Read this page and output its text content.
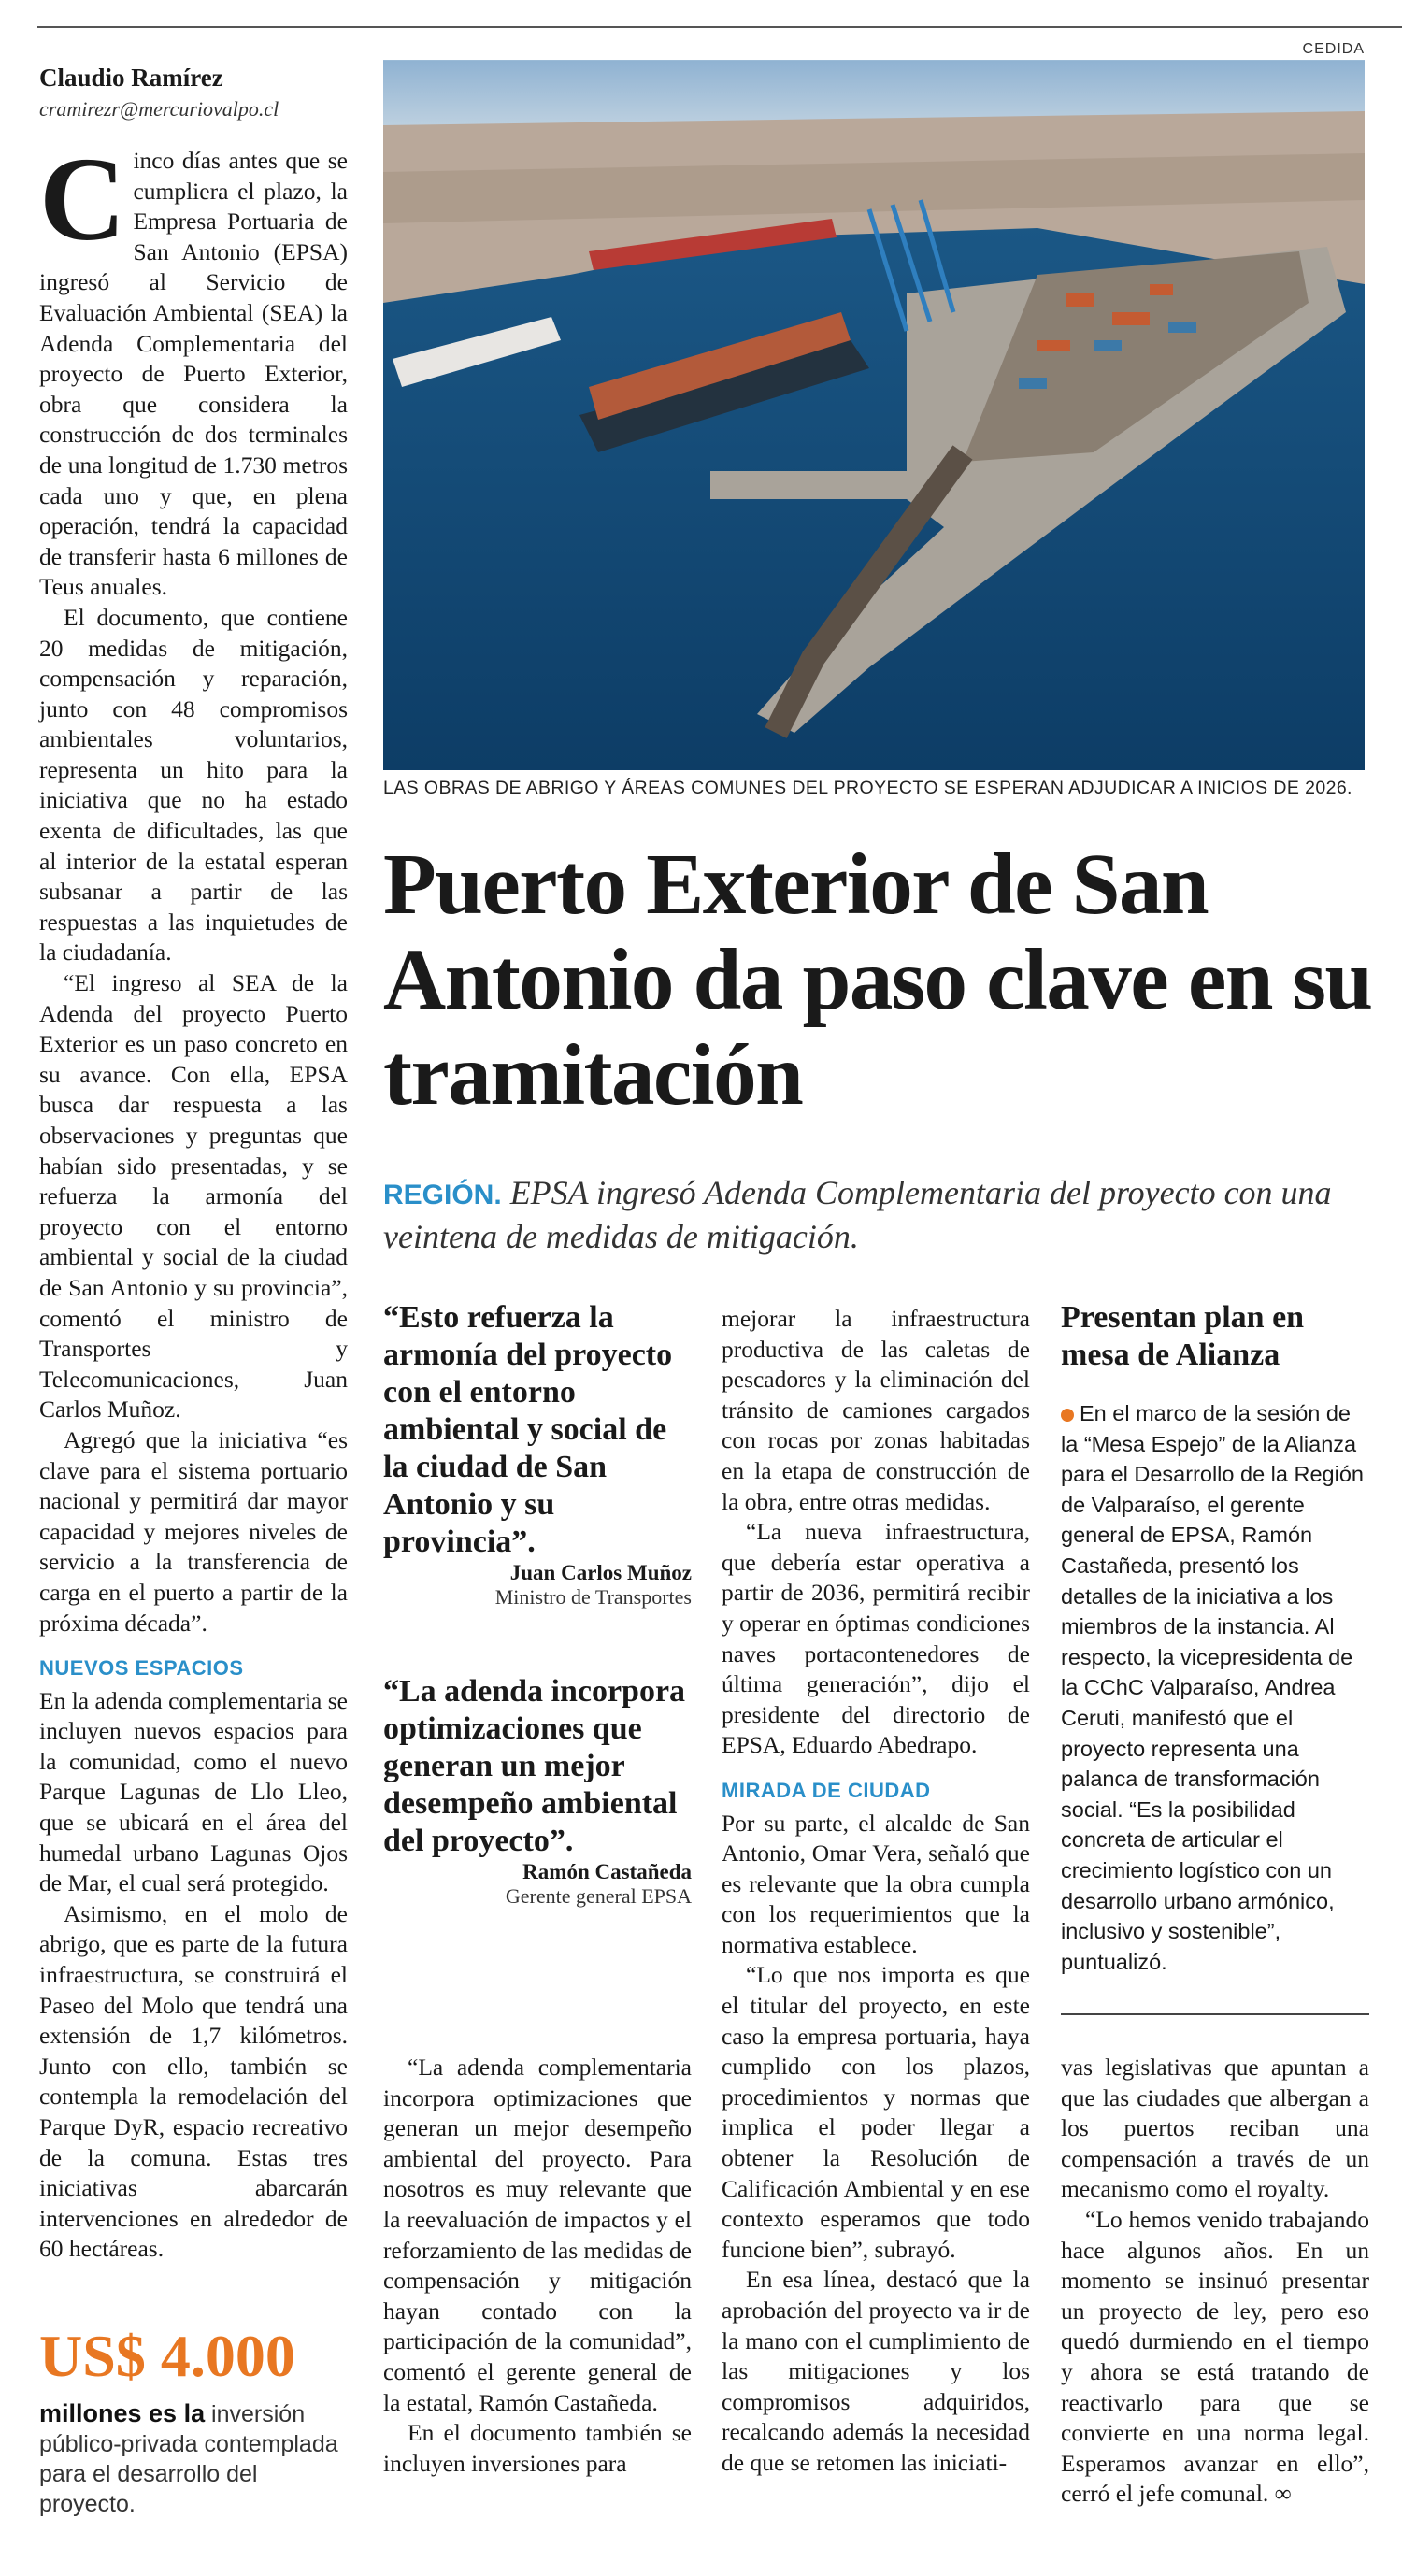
CEDIDA
Claudio Ramírez
cramirezr@mercuriovalpo.cl

Cinco días antes que se cumpliera el plazo, la Empresa Portuaria de San Antonio (EPSA) ingresó al Servicio de Evaluación Ambiental (SEA) la Adenda Complementaria del proyecto de Puerto Exterior, obra que considera la construcción de dos terminales de una longitud de 1.730 metros cada uno y que, en plena operación, tendrá la capacidad de transferir hasta 6 millones de Teus anuales.

El documento, que contiene 20 medidas de mitigación, compensación y reparación, junto con 48 compromisos ambientales voluntarios, representa un hito para la iniciativa que no ha estado exenta de dificultades, las que al interior de la estatal esperan subsanar a partir de las respuestas a las inquietudes de la ciudadanía.

“El ingreso al SEA de la Adenda del proyecto Puerto Exterior es un paso concreto en su avance. Con ella, EPSA busca dar respuesta a las observaciones y preguntas que habían sido presentadas, y se refuerza la armonía del proyecto con el entorno ambiental y social de la ciudad de San Antonio y su provincia”, comentó el ministro de Transportes y Telecomunicaciones, Juan Carlos Muñoz.

Agregó que la iniciativa “es clave para el sistema portuario nacional y permitirá dar mayor capacidad y mejores niveles de servicio a la transferencia de carga en el puerto a partir de la próxima década”.

NUEVOS ESPACIOS

En la adenda complementaria se incluyen nuevos espacios para la comunidad, como el nuevo Parque Lagunas de Llo Lleo, que se ubicará en el área del humedal urbano Lagunas Ojos de Mar, el cual será protegido.

Asimismo, en el molo de abrigo, que es parte de la futura infraestructura, se construirá el Paseo del Molo que tendrá una extensión de 1,7 kilómetros. Junto con ello, también se contempla la remodelación del Parque DyR, espacio recreativo de la comuna. Estas tres iniciativas abarcarán intervenciones en alrededor de 60 hectáreas.

US$ 4.000
millones es la inversión público-privada contemplada para el desarrollo del proyecto.
LAS OBRAS DE ABRIGO Y ÁREAS COMUNES DEL PROYECTO SE ESPERAN ADJUDICAR A INICIOS DE 2026.
Puerto Exterior de San Antonio da paso clave en su tramitación
REGIÓN. EPSA ingresó Adenda Complementaria del proyecto con una veintena de medidas de mitigación.
“Esto refuerza la armonía del proyecto con el entorno ambiental y social de la ciudad de San Antonio y su provincia”.
Juan Carlos Muñoz
Ministro de Transportes
“La adenda incorpora optimizaciones que generan un mejor desempeño ambiental del proyecto”.
Ramón Castañeda
Gerente general EPSA

“La adenda complementaria incorpora optimizaciones que generan un mejor desempeño ambiental del proyecto. Para nosotros es muy relevante que la reevaluación de impactos y el reforzamiento de las medidas de compensación y mitigación hayan contado con la participación de la comunidad”, comentó el gerente general de la estatal, Ramón Castañeda.

En el documento también se incluyen inversiones para

mejorar la infraestructura productiva de las caletas de pescadores y la eliminación del tránsito de camiones cargados con rocas por zonas habitadas en la etapa de construcción de la obra, entre otras medidas.

“La nueva infraestructura, que debería estar operativa a partir de 2036, permitirá recibir y operar en óptimas condiciones naves portacontenedores de última generación”, dijo el presidente del directorio de EPSA, Eduardo Abedrapo.

MIRADA DE CIUDAD

Por su parte, el alcalde de San Antonio, Omar Vera, señaló que es relevante que la obra cumpla con los requerimientos que la normativa establece.

“Lo que nos importa es que el titular del proyecto, en este caso la empresa portuaria, haya cumplido con los plazos, procedimientos y normas que implica el poder llegar a obtener la Resolución de Calificación Ambiental y en ese contexto esperamos que todo funcione bien”, subrayó.

En esa línea, destacó que la aprobación del proyecto va ir de la mano con el cumplimiento de las mitigaciones y los compromisos adquiridos, recalcando además la necesidad de que se retomen las iniciati-

Presentan plan en mesa de Alianza
En el marco de la sesión de la “Mesa Espejo” de la Alianza para el Desarrollo de la Región de Valparaíso, el gerente general de EPSA, Ramón Castañeda, presentó los detalles de la iniciativa a los miembros de la instancia. Al respecto, la vicepresidenta de la CChC Valparaíso, Andrea Ceruti, manifestó que el proyecto representa una palanca de transformación social. “Es la posibilidad concreta de articular el crecimiento logístico con un desarrollo urbano armónico, inclusivo y sostenible”, puntualizó.

vas legislativas que apuntan a que las ciudades que albergan a los puertos reciban una compensación a través de un mecanismo como el royalty.

“Lo hemos venido trabajando hace algunos años. En un momento se insinuó presentar un proyecto de ley, pero eso quedó durmiendo en el tiempo y ahora se está tratando de reactivarlo para que se convierte en una norma legal. Esperamos avanzar en ello”, cerró el jefe comunal. ∞
